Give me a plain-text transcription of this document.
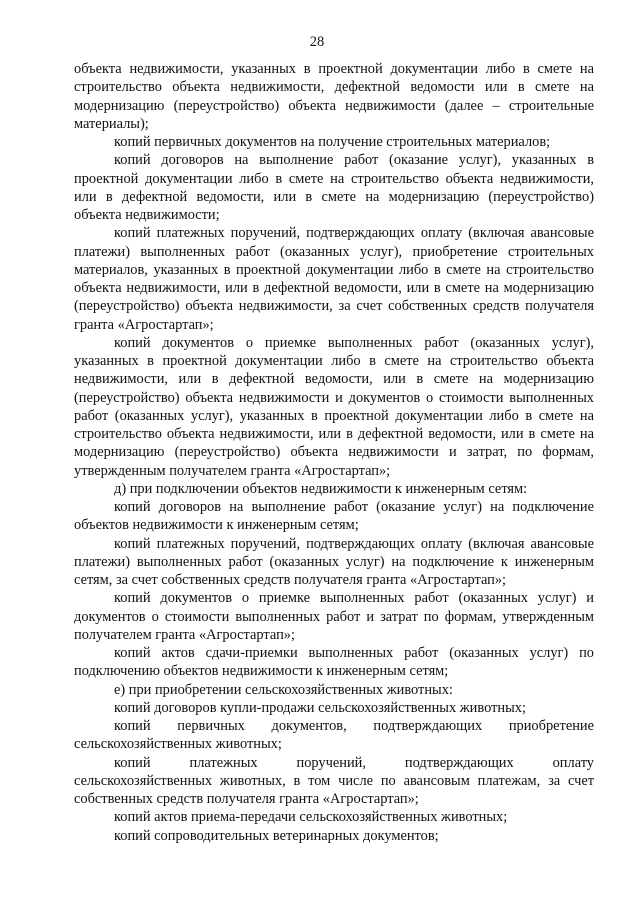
28

объекта недвижимости, указанных в проектной документации либо в смете на строительство объекта недвижимости, дефектной ведомости или в смете на модернизацию (переустройство) объекта недвижимости (далее – строительные материалы);

копий первичных документов на получение строительных материалов;

копий договоров на выполнение работ (оказание услуг), указанных в проектной документации либо в смете на строительство объекта недвижимости, или в дефектной ведомости, или в смете на модернизацию (переустройство) объекта недвижимости;

копий платежных поручений, подтверждающих оплату (включая авансовые платежи) выполненных работ (оказанных услуг), приобретение строительных материалов, указанных в проектной документации либо в смете на строительство объекта недвижимости, или в дефектной ведомости, или в смете на модернизацию (переустройство) объекта недвижимости, за счет собственных средств получателя гранта «Агростартап»;

копий документов о приемке выполненных работ (оказанных услуг), указанных в проектной документации либо в смете на строительство объекта недвижимости, или в дефектной ведомости, или в смете на модернизацию (переустройство) объекта недвижимости и документов о стоимости выполненных работ (оказанных услуг), указанных в проектной документации либо в смете на строительство объекта недвижимости, или в дефектной ведомости, или в смете на модернизацию (переустройство) объекта недвижимости и затрат, по формам, утвержденным получателем гранта «Агростартап»;

д) при подключении объектов недвижимости к инженерным сетям:

копий договоров на выполнение работ (оказание услуг) на подключение объектов недвижимости к инженерным сетям;

копий платежных поручений, подтверждающих оплату (включая авансовые платежи) выполненных работ (оказанных услуг) на подключение к инженерным сетям, за счет собственных средств получателя гранта «Агростартап»;

копий документов о приемке выполненных работ (оказанных услуг) и документов о стоимости выполненных работ и затрат по формам, утвержденным получателем гранта «Агростартап»;

копий актов сдачи-приемки выполненных работ (оказанных услуг) по подключению объектов недвижимости к инженерным сетям;

е) при приобретении сельскохозяйственных животных:

копий договоров купли-продажи сельскохозяйственных животных;

копий первичных документов, подтверждающих приобретение сельскохозяйственных животных;

копий платежных поручений, подтверждающих оплату сельскохозяйственных животных, в том числе по авансовым платежам, за счет собственных средств получателя гранта «Агростартап»;

копий актов приема-передачи сельскохозяйственных животных;

копий сопроводительных ветеринарных документов;
